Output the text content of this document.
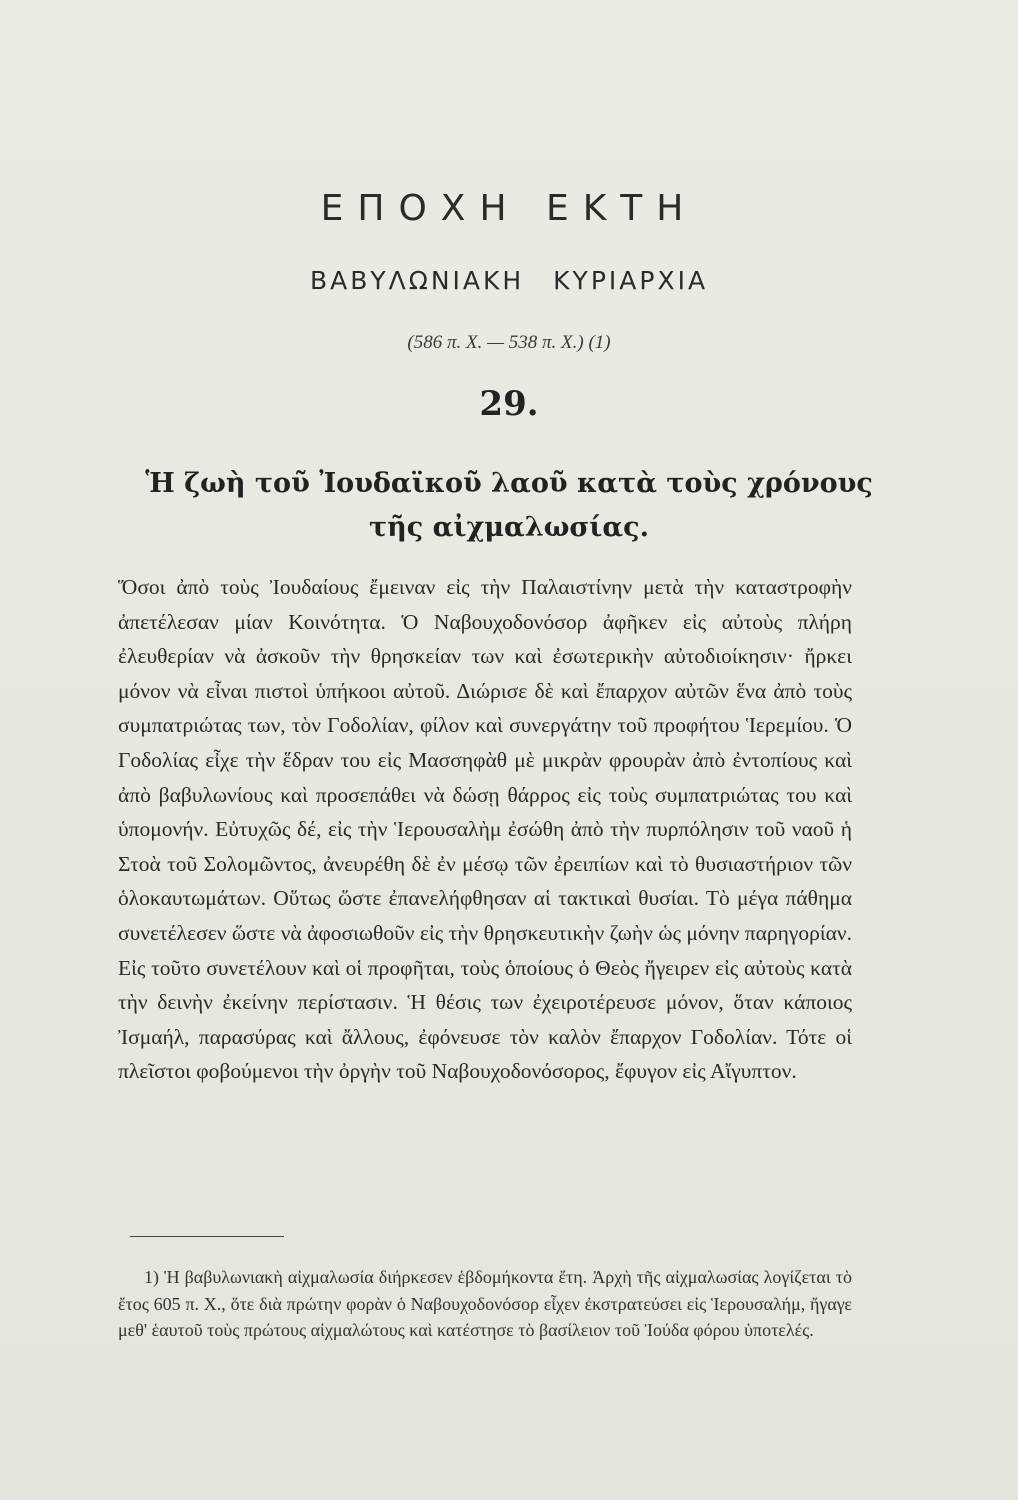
ΕΠΟΧΗ ΕΚΤΗ
ΒΑΒΥΛΩΝΙΑΚΗ ΚΥΡΙΑΡΧΙΑ
(586 π. Χ. — 538 π. Χ.) (1)
29.
Ἡ ζωὴ τοῦ Ἰουδαϊκοῦ λαοῦ κατὰ τοὺς χρόνους τῆς αἰχμαλωσίας.
Ὅσοι ἀπὸ τοὺς Ἰουδαίους ἔμειναν εἰς τὴν Παλαιστίνην μετὰ τὴν καταστροφὴν ἀπετέλεσαν μίαν Κοινότητα. Ὁ Ναβουχοδονόσορ ἀφῆκεν εἰς αὐτοὺς πλήρη ἐλευθερίαν νὰ ἀσκοῦν τὴν θρησκείαν των καὶ ἐσωτερικὴν αὐτοδιοίκησιν· ἤρκει μόνον νὰ εἶναι πιστοὶ ὑπήκοοι αὐτοῦ. Διώρισε δὲ καὶ ἔπαρχον αὐτῶν ἕνα ἀπὸ τοὺς συμπατριώτας των, τὸν Γοδολίαν, φίλον καὶ συνεργάτην τοῦ προφήτου Ἱερεμίου. Ὁ Γοδολίας εἶχε τὴν ἕδραν του εἰς Μασσηφὰθ μὲ μικρὰν φρουρὰν ἀπὸ ἐντοπίους καὶ ἀπὸ βαβυλωνίους καὶ προσεπάθει νὰ δώσῃ θάρρος εἰς τοὺς συμπατριώτας του καὶ ὑπομονήν. Εὐτυχῶς δέ, εἰς τὴν Ἱερουσαλὴμ ἐσώθη ἀπὸ τὴν πυρπόλησιν τοῦ ναοῦ ἡ Στοὰ τοῦ Σολομῶντος, ἀνευρέθη δὲ ἐν μέσῳ τῶν ἐρειπίων καὶ τὸ θυσιαστήριον τῶν ὁλοκαυτωμάτων. Οὕτως ὥστε ἐπανελήφθησαν αἱ τακτικαὶ θυσίαι. Τὸ μέγα πάθημα συνετέλεσεν ὥστε νὰ ἀφοσιωθοῦν εἰς τὴν θρησκευτικὴν ζωὴν ὡς μόνην παρηγορίαν. Εἰς τοῦτο συνετέλουν καὶ οἱ προφῆται, τοὺς ὁποίους ὁ Θεὸς ἤγειρεν εἰς αὐτοὺς κατὰ τὴν δεινὴν ἐκείνην περίστασιν. Ἡ θέσις των ἐχειροτέρευσε μόνον, ὅταν κάποιος Ἰσμαήλ, παρασύρας καὶ ἄλλους, ἐφόνευσε τὸν καλὸν ἔπαρχον Γοδολίαν. Τότε οἱ πλεῖστοι φοβούμενοι τὴν ὀργὴν τοῦ Ναβουχοδονόσορος, ἔφυγον εἰς Αἴγυπτον.
1) Ἡ βαβυλωνιακὴ αἰχμαλωσία διήρκεσεν ἑβδομήκοντα ἔτη. Ἀρχὴ τῆς αἰχμαλωσίας λογίζεται τὸ ἔτος 605 π. Χ., ὅτε διὰ πρώτην φορὰν ὁ Ναβουχοδονόσορ εἶχεν ἐκστρατεύσει εἰς Ἱερουσαλήμ, ἤγαγε μεθ' ἑαυτοῦ τοὺς πρώτους αἰχμαλώτους καὶ κατέστησε τὸ βασίλειον τοῦ Ἰούδα φόρου ὑποτελές.
